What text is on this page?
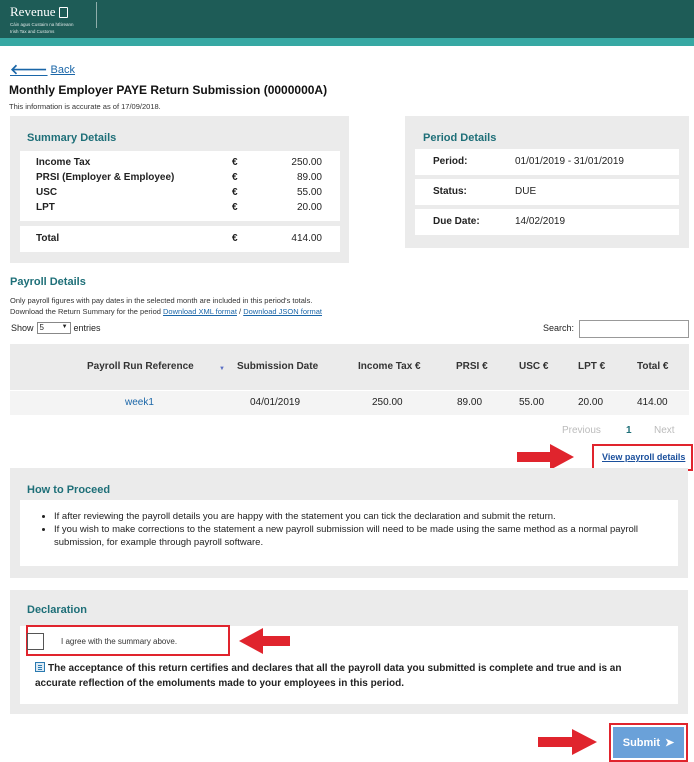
Revenue
Cáin agus Custaim na hÉireann
Irish Tax and Customs
🡐 Back
Monthly Employer PAYE Return Submission (0000000A)
This information is accurate as of 17/09/2018.
Summary Details
Income Tax	€	250.00
PRSI (Employer & Employee)	€	89.00
USC	€	55.00
LPT	€	20.00
Total	€	414.00
Period Details
Period:	01/01/2019 - 31/01/2019
Status:	DUE
Due Date:	14/02/2019
Payroll Details
Only payroll figures with pay dates in the selected month are included in this period's totals.
Download the Return Summary for the period Download XML format / Download JSON format
Show 5 ▼	entries	Search:
Payroll Run Reference	▼ Submission Date	Income Tax €	PRSI €	USC €	LPT €	Total €
week1	04/01/2019	250.00	89.00	55.00	20.00	414.00
Previous	1 Next
View payroll details
How to Proceed
• If after reviewing the payroll details you are happy with the statement you can tick the declaration and submit the return.
• If you wish to make corrections to the statement a new payroll submission will need to be made using the same method as a normal payroll submission, for example through payroll software.
Declaration
I agree with the summary above.
The acceptance of this return certifies and declares that all the payroll data you submitted is complete and true and is an accurate reflection of the emoluments made to your employees in this period.
Submit ➤
